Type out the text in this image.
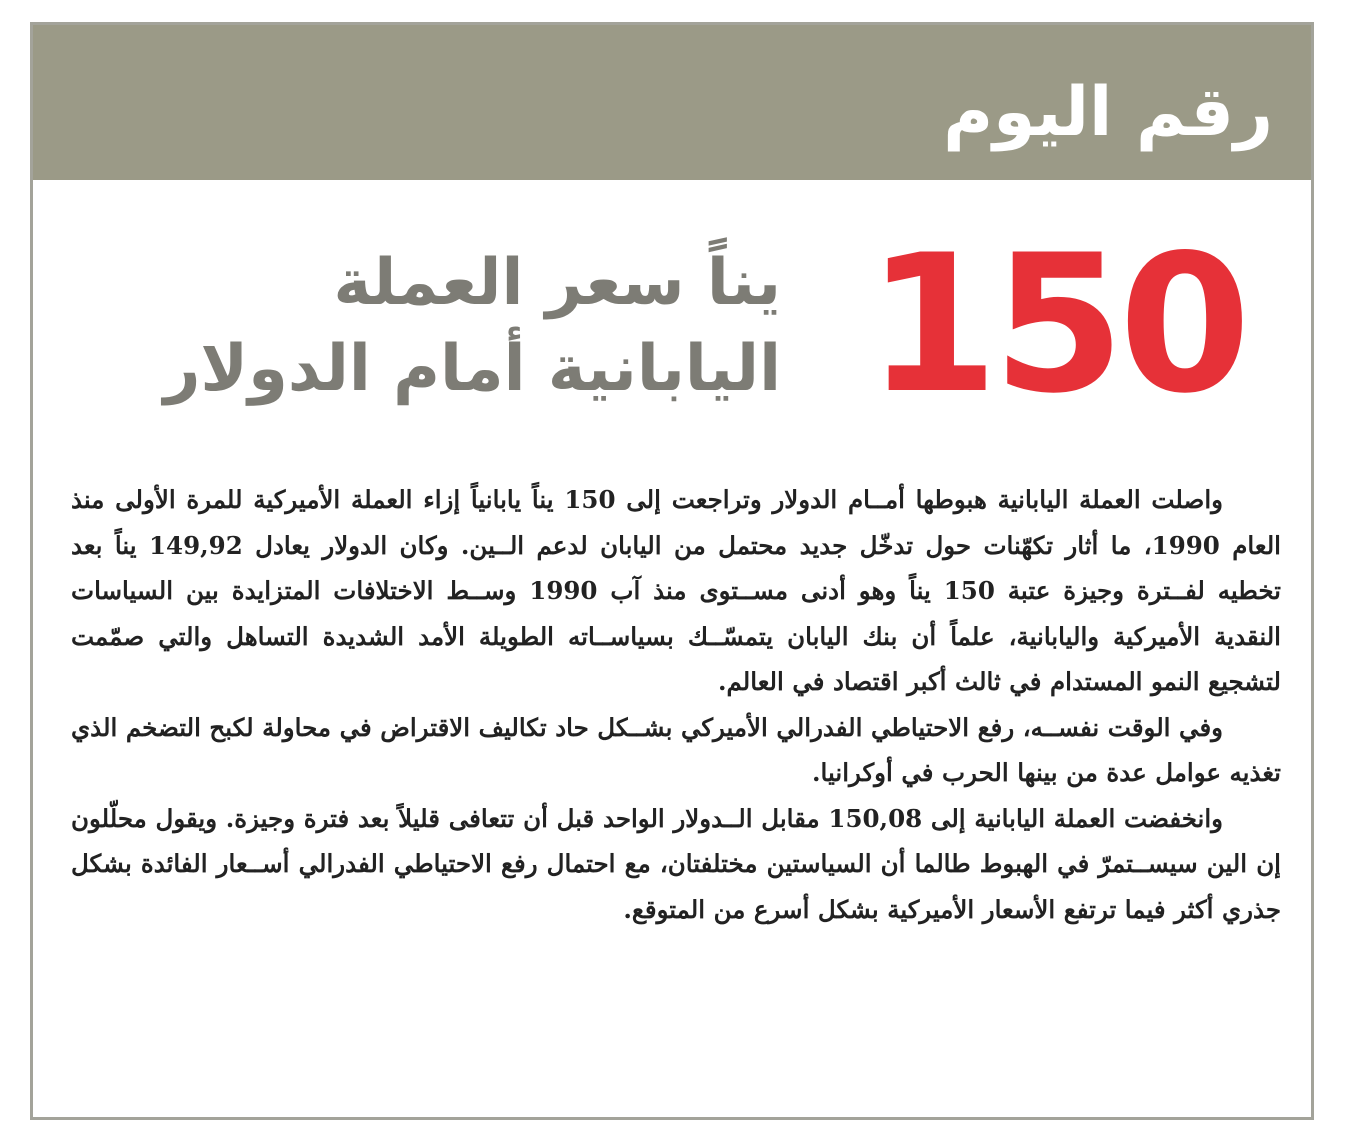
رقم اليوم
150
يناً سعر العملة
اليابانية أمام الدولار

واصلت العملة اليابانية هبوطها أمــام الدولار وتراجعت إلى 150 يناً يابانياً إزاء العملة الأميركية للمرة الأولى منذ العام 1990، ما أثار تكهّنات حول تدخّل جديد محتمل من اليابان لدعم الــين. وكان الدولار يعادل 149,92 يناً بعد تخطيه لفــترة وجيزة عتبة 150 يناً وهو أدنى مســتوى منذ آب 1990 وســط الاختلافات المتزايدة بين السياسات النقدية الأميركية واليابانية، علماً أن بنك اليابان يتمسّــك بسياســاته الطويلة الأمد الشديدة التساهل والتي صمّمت لتشجيع النمو المستدام في ثالث أكبر اقتصاد في العالم.

وفي الوقت نفســه، رفع الاحتياطي الفدرالي الأميركي بشــكل حاد تكاليف الاقتراض في محاولة لكبح التضخم الذي تغذيه عوامل عدة من بينها الحرب في أوكرانيا.

وانخفضت العملة اليابانية إلى 150,08 مقابل الــدولار الواحد قبل أن تتعافى قليلاً بعد فترة وجيزة. ويقول محلّلون إن الين سيســتمرّ في الهبوط طالما أن السياستين مختلفتان، مع احتمال رفع الاحتياطي الفدرالي أســعار الفائدة بشكل جذري أكثر فيما ترتفع الأسعار الأميركية بشكل أسرع من المتوقع.
